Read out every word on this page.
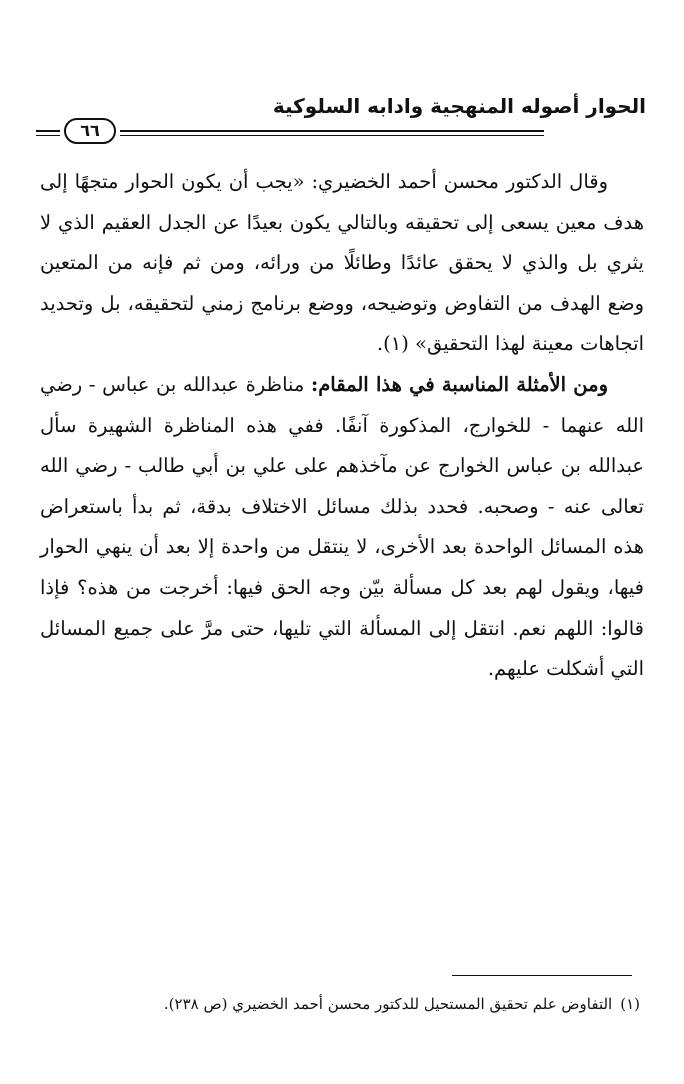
الحوار أصوله المنهجية وادابه السلوكية
٦٦

وقال الدكتور محسن أحمد الخضيري: «يجب أن يكون الحوار متجهًا إلى هدف معين يسعى إلى تحقيقه وبالتالي يكون بعيدًا عن الجدل العقيم الذي لا يثري بل والذي لا يحقق عائدًا وطائلًا من ورائه، ومن ثم فإنه من المتعين وضع الهدف من التفاوض وتوضيحه، ووضع برنامج زمني لتحقيقه، بل وتحديد اتجاهات معينة لهذا التحقيق» (١).

ومن الأمثلة المناسبة في هذا المقام: مناظرة عبدالله بن عباس - رضي الله عنهما - للخوارج، المذكورة آنفًا. ففي هذه المناظرة الشهيرة سأل عبدالله بن عباس الخوارج عن مآخذهم على علي بن أبي طالب - رضي الله تعالى عنه - وصحبه. فحدد بذلك مسائل الاختلاف بدقة، ثم بدأ باستعراض هذه المسائل الواحدة بعد الأخرى، لا ينتقل من واحدة إلا بعد أن ينهي الحوار فيها، ويقول لهم بعد كل مسألة بيّن وجه الحق فيها: أخرجت من هذه؟ فإذا قالوا: اللهم نعم. انتقل إلى المسألة التي تليها، حتى مرَّ على جميع المسائل التي أشكلت عليهم.

(١)التفاوض علم تحقيق المستحيل للدكتور محسن أحمد الخضيري (ص ٢٣٨).
